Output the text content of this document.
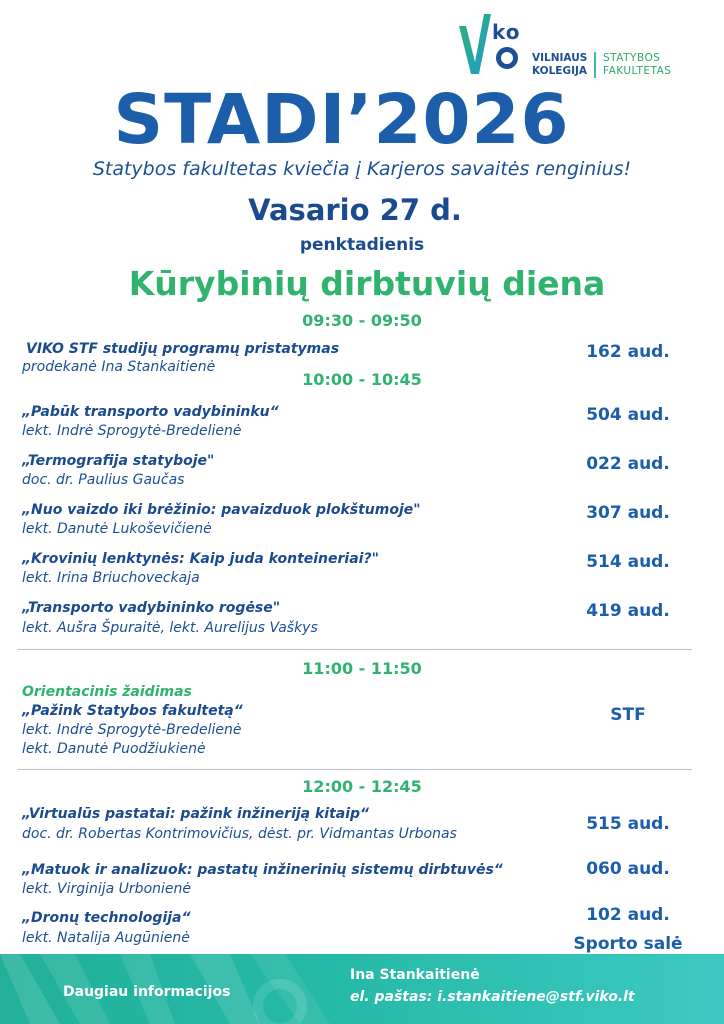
ko
VILNIAUS
KOLEGIJA
STATYBOS
FAKULTETAS
STADI’2026
Statybos fakultetas kviečia į Karjeros savaitės renginius!
Vasario 27 d.
penktadienis
Kūrybinių dirbtuvių diena
09:30 - 09:50
VIKO STF studijų programų pristatymas
prodekanė Ina Stankaitienė
162 aud.
10:00 - 10:45
„Pabūk transporto vadybininku“
lekt. Indrė Sprogytė-Bredelienė
504 aud.
„Termografija statyboje"
doc. dr. Paulius Gaučas
022 aud.
„Nuo vaizdo iki brėžinio: pavaizduok plokštumoje"
lekt. Danutė Lukoševičienė
307 aud.
„Krovinių lenktynės: Kaip juda konteineriai?"
lekt. Irina Briuchoveckaja
514 aud.
„Transporto vadybininko rogėse"
lekt. Aušra Špuraitė, lekt. Aurelijus Vaškys
419 aud.
11:00 - 11:50
Orientacinis žaidimas
„Pažink Statybos fakultetą“
lekt. Indrė Sprogytė-Bredelienė
lekt. Danutė Puodžiukienė
STF
12:00 - 12:45
„Virtualūs pastatai: pažink inžineriją kitaip“
doc. dr. Robertas Kontrimovičius, dėst. pr. Vidmantas Urbonas	515 aud.
„Matuok ir analizuok: pastatų inžinerinių sistemų dirbtuvės“
lekt. Virginija Urbonienė
060 aud.
„Dronų technologija“
lekt. Natalija Augūnienė
102 aud.
Sporto salė
Daugiau informacijos
Ina Stankaitienė
el. paštas: i.stankaitiene@stf.viko.lt
